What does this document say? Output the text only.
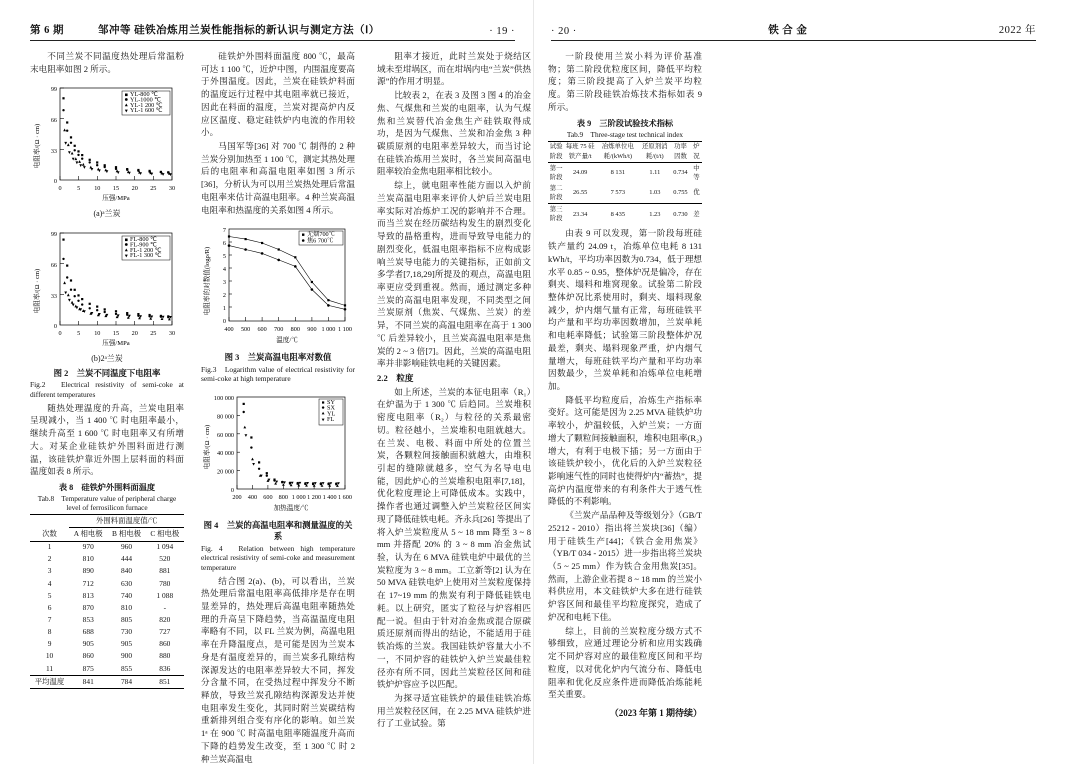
第 6 期	邹冲等 硅铁冶炼用兰炭性能指标的新认识与测定方法（Ⅰ）	· 19 ·	· 20 ·	铁 合 金	2022 年

不同兰炭不同温度热处理后常温粉末电阻率如图 2 所示。

电阻率/(Ω · cm)
99
66
33
0
0	5 10 15 20 25 30
压强/MPa
YL-800 ℃
YL-1000 ℃
YL-1 200 ℃
YL-1 600 ℃
(a)ᵃ兰炭
电阻率/(Ω · cm)
99
66
33
0
0	5 10 15 20 25 30
压强/MPa
FL-800 ℃
FL-900 ℃
FL-1 200 ℃
FL-1 300 ℃
(b)2ᵃ兰炭
图 2　兰炭不同温度下电阻率
Fig.2　Electrical resistivity of semi-coke at different temperatures

随热处理温度的升高，兰炭电阻率呈现减小，当 1 400 ℃ 时电阻率最小，继续升高至 1 600 ℃ 时电阻率又有所增大。对某企业硅铁炉外围料面进行测温，该硅铁炉靠近外围上层料面的料面温度如表 8 所示。

表 8　硅铁炉外围料面温度
Tab.8　Temperature value of peripheral charge level of ferrosilicon furnace
	外围料面温度值/℃		
次数	A 相电极	B 相电极	C 相电极
1	970	960	1 094
2	810	444	520
3	890	840	881
4	712	630	780
5	813	740	1 088
6	870	810	-
7	853	805	820
8	688	730	727
9	905	905	860
10	860	900	880
11	875	855	836
平均温度	841	784	851

硅铁炉外围料面温度 800 ℃，最高可达 1 100 ℃，近炉中图，内围温度要高于外围温度。因此，兰炭在硅铁炉料面的温度远行过程中其电阻率就已接近，因此在料面的温度，兰炭对提高炉内反应区温度、稳定硅铁炉内电流的作用较小。

马国军等[36] 对 700 ℃ 制得的 2 种兰炭分别加热至 1 100 ℃，测定其热处理后的电阻率和高温电阻率如图 3 所示[36]，分析认为可以用兰炭热处理后常温电阻率来估计高温电阻率。4 种兰炭高温电阻率和热温度的关系如图 4 所示。

电阻率的对数值(logρ/R)
7
6
5
4
3
2
1
0
400 500 600 700 800 900 1 000 1 100
温度/℃
无烟700℃
焦6 700℃
图 3　兰炭高温电阻率对数值
Fig.3　Logarithm value of electrical resistivity for semi-coke at high temperature
电阻率/(Ω · cm)
100 000
80 000
60 000
40 000
20 000
0
200 400 600 800 1 000 1 200 1 400 1 600
加热温度/℃
SY
SX
YL
FL
图 4　兰炭的高温电阻率和测量温度的关系
Fig. 4　Relation between high temperature electrical resistivity of semi-coke and measurement temperature

结合图 2(a)、(b)，可以看出，兰炭热处理后常温电阻率高低排序是存在明显差异的，热处理后高温电阻率随热处理的升高呈下降趋势，当高温温度电阻率略有不同，以 FL 兰炭为例，高温电阻率在升降温度点，是可能是因为兰炭本身是有温度差异的，而兰炭多孔隙结构深源发达的电阻率差异较大不同，挥发分含量不同，在受热过程中挥发分不断释放，导致兰炭孔隙结构深源发达并使电阻率发生变化，其同时附兰炭碳结构重新排列组合变有序化的影响。如兰炭 1ᵃ 在 900 ℃ 时高温电阻率随温度升高而下降的趋势发生改变，至 1 300 ℃ 时 2 种兰炭高温电

阻率才接近，此时兰炭处于烧结区域未至坩埚区，而在坩埚内电“兰炭”供热源”的作用才明显。

比较表 2，在表 3 及图 3 图 4 的冶金焦、气煤焦和兰炭的电阻率，认为气煤焦和兰炭替代冶金焦生产硅铁取得成功，是因为气煤焦、兰炭和冶金焦 3 种碳质原剂的电阻率差异较大，而当讨论在硅铁冶炼用兰炭时，各兰炭间高温电阻率较冶金焦电阻率相比较小。

综上，就电阻率性能方面以入炉前兰炭高温电阻率来评价人炉后兰炭电阻率实际对冶炼炉工况的影响并不合理。而当兰炭在经历碳结构发生的剧烈变化导致的晶格重构，进而导致导电能力的剧烈变化，低温电阻率指标不应构成影响兰炭导电能力的关键指标，正如前文多学者[7,18,29]所提及的观点，高温电阻率更应受到重视。然而，通过测定多种兰炭的高温电阻率发现，不同类型之间兰炭原剂（焦炭、气煤焦、兰炭）的差异，不同兰炭的高温电阻率在高于 1 300 ℃ 后差异较小，且兰炭高温电阻率是焦炭的 2 ~ 3 倍[7]。因此，兰炭的高温电阻率并非影响硅铁电耗的关键因素。

2.2　粒度

如上所述，兰炭的本征电阻率（R₁）在炉温为于 1 300 ℃ 后趋同。兰炭堆积密度电阻率（R₂）与粒径的关系最密切。粒径越小，兰炭堆积电阻就越大。在兰炭、电极、料面中所处的位置兰炭，各颗粒间接触面积就越大，由堆积引起的缝隙就越多，空气为名导电电能，因此炉心的兰炭堆积电阻率[7,18]，优化粒度理论上可降低成本。实践中，操作者也通过调整入炉兰炭粒径区间实现了降低硅铁电耗。齐永兵[26] 等提出了将入炉兰炭粒度从 5 ~ 18 mm 降至 3 ~ 8 mm 并搭配 20% 的 3 ~ 8 mm 冶金焦试验，认为在 6 MVA 硅铁电炉中最优的兰炭粒度为 3 ~ 8 mm。工立新等[2] 认为在 50 MVA 硅铁电炉上使用对兰炭粒度保持在 17~19 mm 的焦炭有利于降低硅铁电耗。以上研究，匿实了粒径与炉容相匹配一说。但由于针对冶金焦或混合原碳质还原剂而得出的结论，不能适用于硅铁冶炼的兰炭。我国硅铁炉容量大小不一，不同炉容的硅铁炉入炉兰炭最佳粒径亦有所不同，因此兰炭粒径区间和硅铁炉炉容应予以匹配。

为探寻适宜硅铁炉的最佳硅铁冶炼用兰炭粒径区间，在 2.25 MVA 硅铁炉进行了工业试验。第

一阶段使用兰炭小料为评价基准物；第二阶段优粒度区间，降低平均粒度；第三阶段提高了入炉兰炭平均粒度。第三阶段硅铁冶炼技术指标如表 9 所示。

表 9　三阶段试验技术指标
Tab.9　Three-stage test technical index
试验阶段	每班 75 硅铁产量/t	冶炼单位电耗/(kWh/t)	还原剂消耗/(t/t)	功率因数	炉况
第一阶段	24.09	8 131	1.11	0.734	中等
第二阶段	26.55	7 573	1.03	0.755	优
第三阶段	23.34	8 435	1.23	0.730	差

由表 9 可以发现，第一阶段每班硅铁产量约 24.09 t，冶炼单位电耗 8 131 kWh/t，平均功率因数为0.734，低于理想水平 0.85 ~ 0.95，整体炉况是偏冷，存在剩夹、塌料和堆窝现象。试验第二阶段整体炉况比系使用时，剩夹、塌料现象减少，炉内烟气量有正常，每班硅铁平均产量和平均功率因数增加，兰炭单耗和电耗率降低；试验第三阶段整体炉况最差，剩夹、塌料现象严重，炉内烟气量增大，每班硅铁平均产量和平均功率因数最少，兰炭单耗和冶炼单位电耗增加。

降低平均粒度后，冶炼生产指标率变好。这可能是因为 2.25 MVA 硅铁炉功率较小，炉温较低，入炉兰炭；一方面增大了颗粒间接触面积，堆积电阻率(R₂)增大，有利于电极下插；另一方面由于该硅铁炉较小，优化后的入炉兰炭粒径影响速气性的同时也使得炉内“蓄热”，提高炉内温度带来的有利条件大于透气性降低的不利影响。

《兰炭产品品种及等级划分》（GB/T 25212 - 2010）指出将兰炭块[36]（编）用于硅铁生产[44]；《铁合金用焦炭》（YB/T 034 - 2015）进一步指出将兰炭块（5 ~ 25 mm）作为铁合金用焦炭[35]。然而，上游企业若提 8 ~ 18 mm 的兰炭小料供应用，本文硅铁炉大多在进行硅铁炉容区间和最佳平均粒度探究，造成了炉况和电耗下佳。

综上，目前的兰炭粒度分级方式不够细致，应通过理论分析和应用实践确定不同炉容对应的最佳粒度区间和平均粒度，以对优化炉内气流分布、降低电阻率和优化反应条件进而降低冶炼能耗至关重要。

（2023 年第 1 期待续）
